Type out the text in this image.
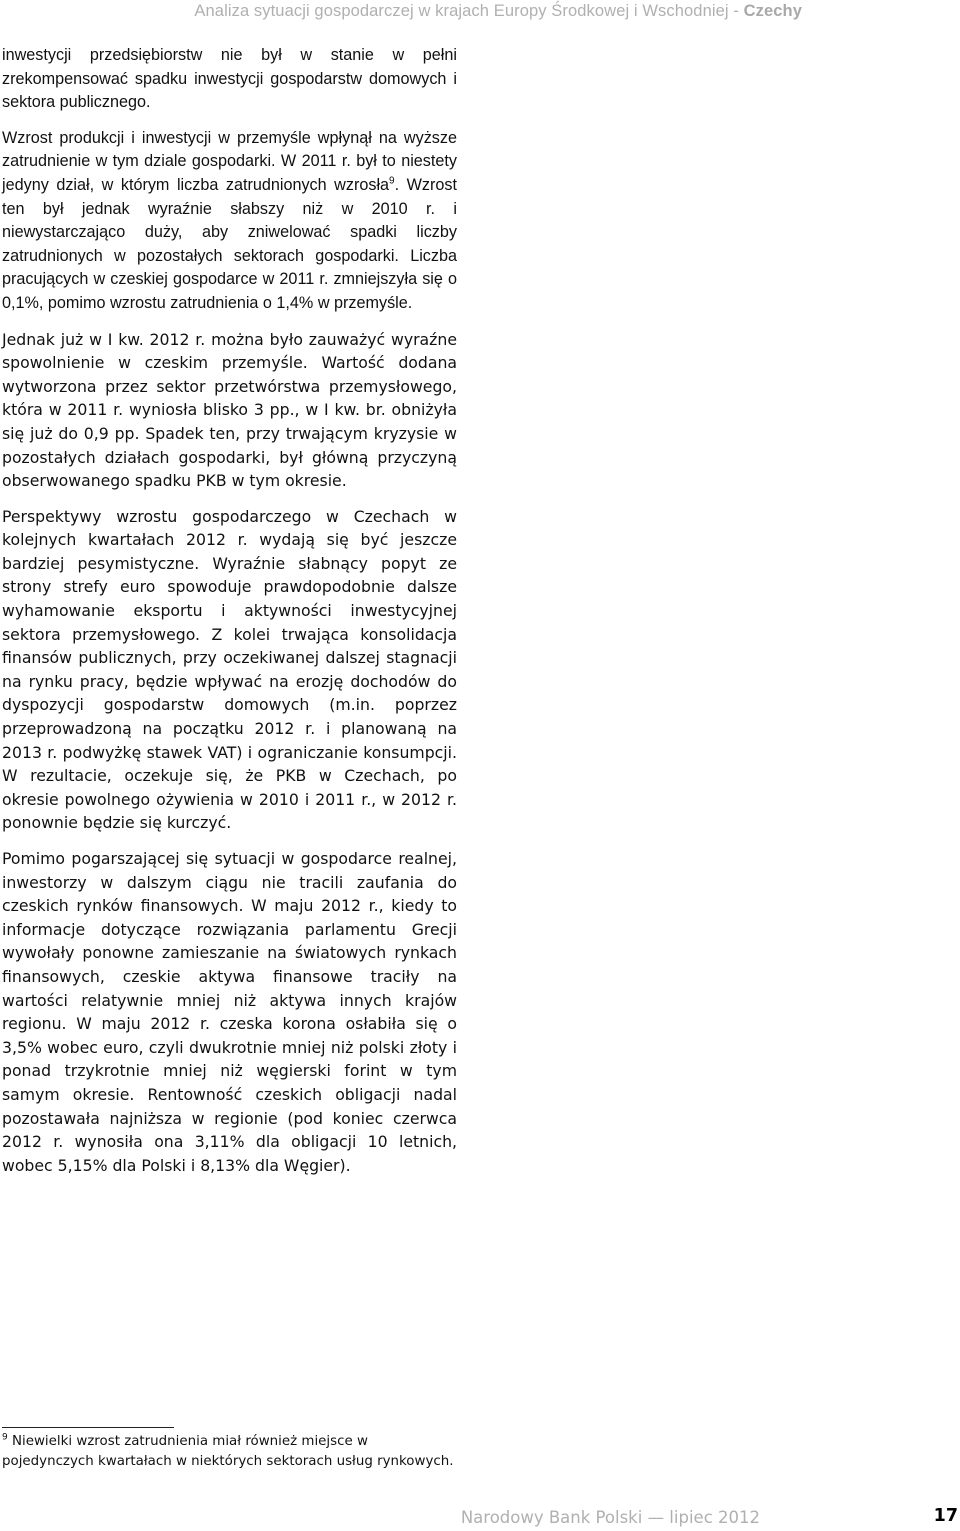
Analiza sytuacji gospodarczej w krajach Europy Środkowej i Wschodniej - Czechy

inwestycji przedsiębiorstw nie był w stanie w pełni zrekompensować spadku inwestycji gospodarstw domowych i sektora publicznego.

Wzrost produkcji i inwestycji w przemyśle wpłynął na wyższe zatrudnienie w tym dziale gospodarki. W 2011 r. był to niestety jedyny dział, w którym liczba zatrudnionych wzrosła$^9$. Wzrost ten był jednak wyraźnie słabszy niż w 2010 r. i niewystarczająco duży, aby zniwelować spadki liczby zatrudnionych w pozostałych sektorach gospodarki. Liczba pracujących w czeskiej gospodarce w 2011 r. zmniejszyła się o 0,1%, pomimo wzrostu zatrudnienia o 1,4% w przemyśle.

Jednak już w I kw. 2012 r. można było zauważyć wyraźne spowolnienie w czeskim przemyśle. Wartość dodana wytworzona przez sektor przetwórstwa przemysłowego, która w 2011 r. wyniosła blisko 3 pp., w I kw. br. obniżyła się już do 0,9 pp. Spadek ten, przy trwającym kryzysie w pozostałych działach gospodarki, był główną przyczyną obserwowanego spadku PKB w tym okresie.

Perspektywy wzrostu gospodarczego w Czechach w kolejnych kwartałach 2012 r. wydają się być jeszcze bardziej pesymistyczne. Wyraźnie słabnący popyt ze strony strefy euro spowoduje prawdopodobnie dalsze wyhamowanie eksportu i aktywności inwestycyjnej sektora przemysłowego. Z kolei trwająca konsolidacja finansów publicznych, przy oczekiwanej dalszej stagnacji na rynku pracy, będzie wpływać na erozję dochodów do dyspozycji gospodarstw domowych (m.in. poprzez przeprowadzoną na początku 2012 r. i planowaną na 2013 r. podwyżkę stawek VAT) i ograniczanie konsumpcji. W rezultacie, oczekuje się, że PKB w Czechach, po okresie powolnego ożywienia w 2010 i 2011 r., w 2012 r. ponownie będzie się kurczyć.

Pomimo pogarszającej się sytuacji w gospodarce realnej, inwestorzy w dalszym ciągu nie tracili zaufania do czeskich rynków finansowych. W maju 2012 r., kiedy to informacje dotyczące rozwiązania parlamentu Grecji wywołały ponowne zamieszanie na światowych rynkach finansowych, czeskie aktywa finansowe traciły na wartości relatywnie mniej niż aktywa innych krajów regionu. W maju 2012 r. czeska korona osłabiła się o 3,5% wobec euro, czyli dwukrotnie mniej niż polski złoty i ponad trzykrotnie mniej niż węgierski forint w tym samym okresie. Rentowność czeskich obligacji nadal pozostawała najniższa w regionie (pod koniec czerwca 2012 r. wynosiła ona 3,11% dla obligacji 10 letnich, wobec 5,15% dla Polski i 8,13% dla Węgier).

$^9$ Niewielki wzrost zatrudnienia miał również miejsce w pojedynczych kwartałach w niektórych sektorach usług rynkowych.
Narodowy Bank Polski — lipiec 2012	17
